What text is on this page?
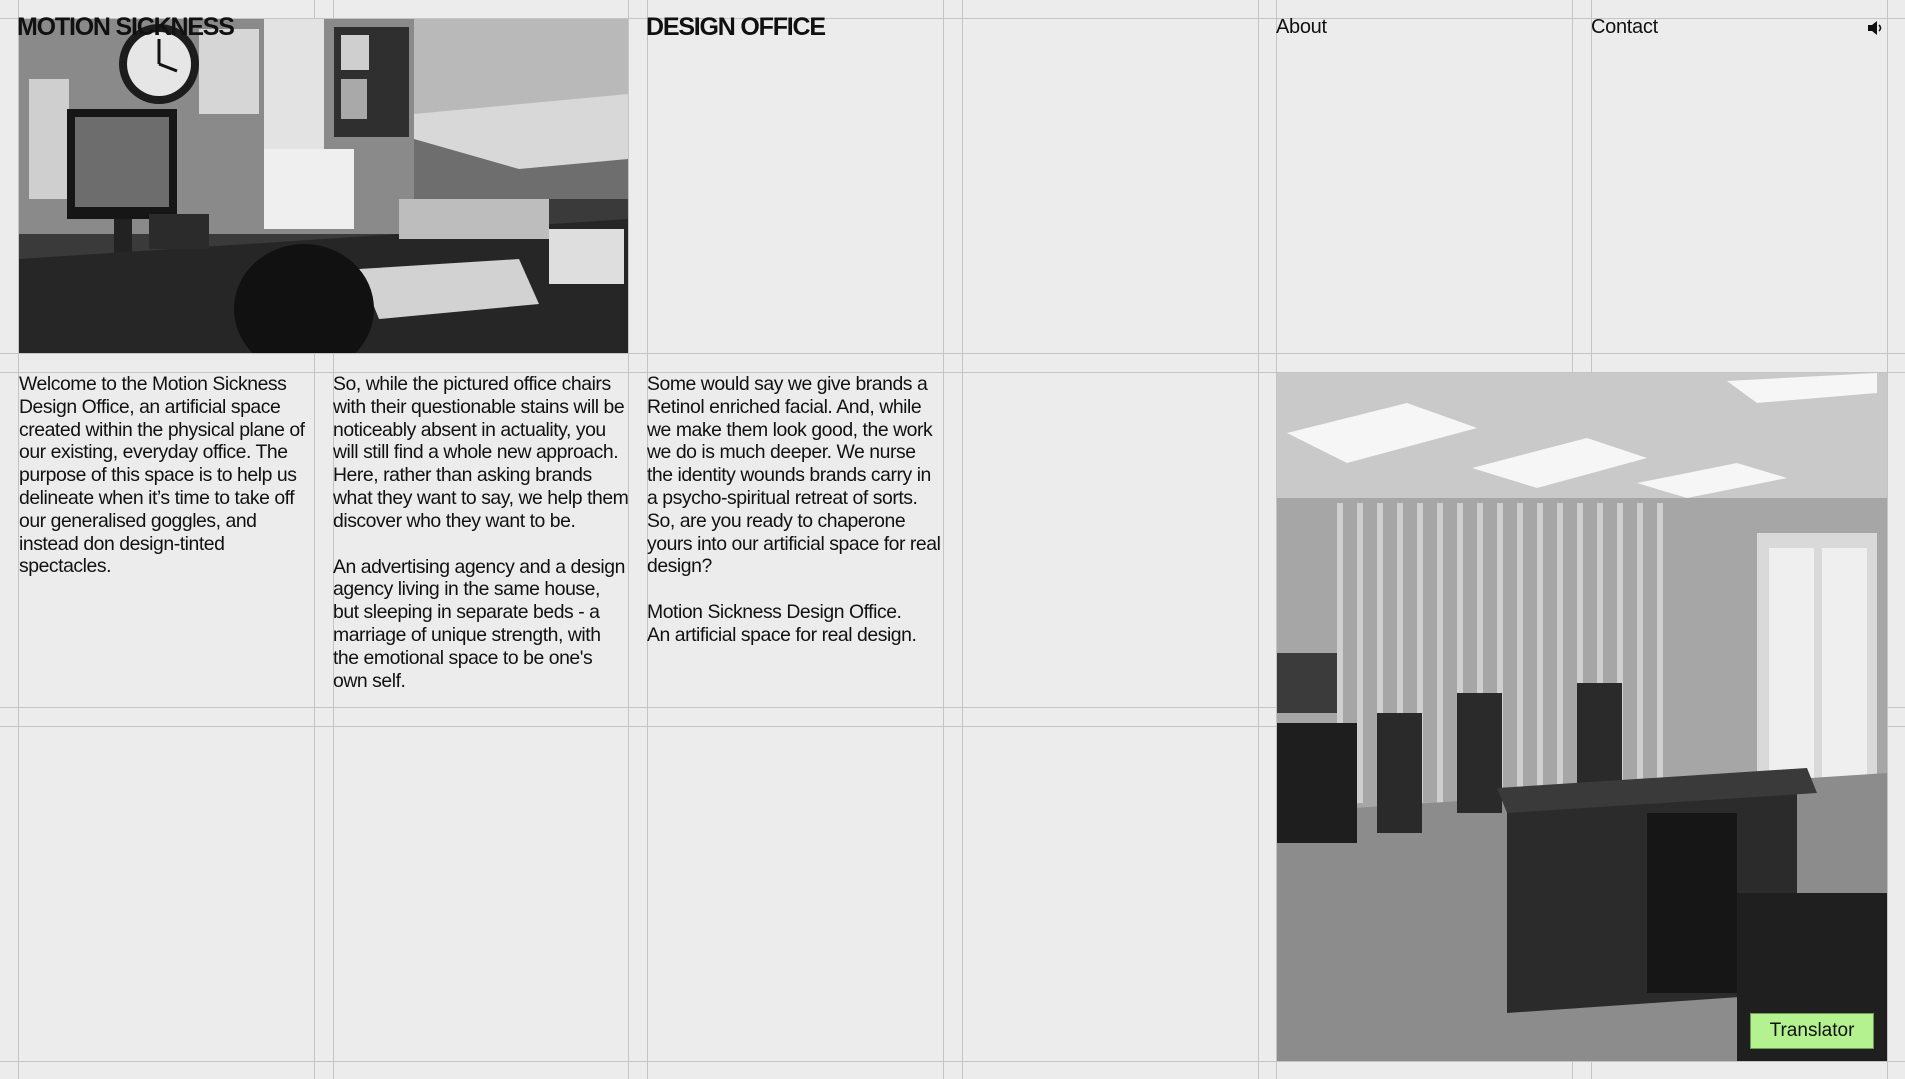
MOTION SICKNESS	DESIGN OFFICE	About	Contact

Welcome to the Motion Sickness Design Office, an artificial space created within the physical plane of our existing, everyday office. The purpose of this space is to help us delineate when it’s time to take off our generalised goggles, and instead don design-tinted spectacles.

So, while the pictured office chairs with their questionable stains will be noticeably absent in actuality, you will still find a whole new approach. Here, rather than asking brands what they want to say, we help them discover who they want to be.

An advertising agency and a design agency living in the same house, but sleeping in separate beds - a marriage of unique strength, with the emotional space to be one's own self.

Some would say we give brands a Retinol enriched facial. And, while we make them look good, the work we do is much deeper. We nurse the identity wounds brands carry in a psycho-spiritual retreat of sorts. So, are you ready to chaperone yours into our artificial space for real design?

Motion Sickness Design Office.
An artificial space for real design.

Translator
